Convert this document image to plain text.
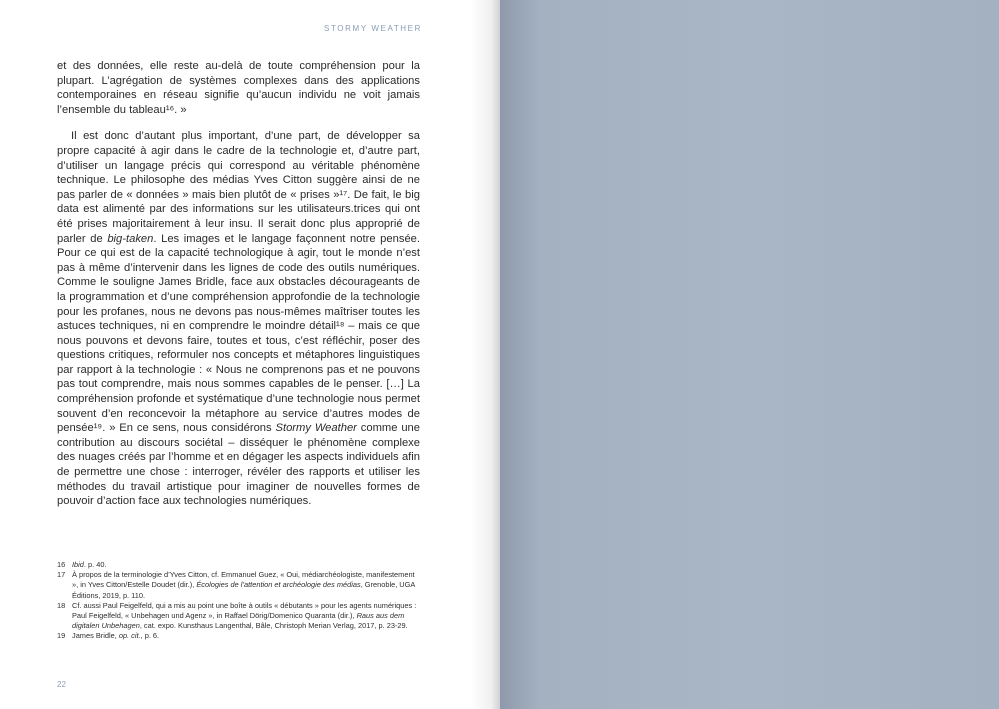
STORMY WEATHER

et des données, elle reste au-delà de toute compréhension pour la plupart. L’agrégation de systèmes complexes dans des applications contemporaines en réseau signifie qu’aucun individu ne voit jamais l’ensemble du tableau¹⁶. »

Il est donc d’autant plus important, d’une part, de développer sa propre capacité à agir dans le cadre de la technologie et, d’autre part, d’utiliser un langage précis qui correspond au véritable phénomène technique. Le philosophe des médias Yves Citton suggère ainsi de ne pas parler de « données » mais bien plutôt de « prises »¹⁷. De fait, le big data est alimenté par des informations sur les utilisateurs.trices qui ont été prises majoritairement à leur insu. Il serait donc plus approprié de parler de big-taken. Les images et le langage façonnent notre pensée. Pour ce qui est de la capacité technologique à agir, tout le monde n’est pas à même d’intervenir dans les lignes de code des outils numériques. Comme le souligne James Bridle, face aux obstacles décourageants de la programmation et d’une compréhension approfondie de la technologie pour les profanes, nous ne devons pas nous-mêmes maîtriser toutes les astuces techniques, ni en comprendre le moindre détail¹⁸ – mais ce que nous pouvons et devons faire, toutes et tous, c’est réfléchir, poser des questions critiques, reformuler nos concepts et métaphores linguistiques par rapport à la technologie : « Nous ne comprenons pas et ne pouvons pas tout comprendre, mais nous sommes capables de le penser. […] La compréhension profonde et systématique d’une technologie nous permet souvent d’en reconcevoir la métaphore au service d’autres modes de pensée¹⁹. » En ce sens, nous considérons Stormy Weather comme une contribution au discours sociétal – disséquer le phénomène complexe des nuages créés par l’homme et en dégager les aspects individuels afin de permettre une chose : interroger, révéler des rapports et utiliser les méthodes du travail artistique pour imaginer de nouvelles formes de pouvoir d’action face aux technologies numériques.

16 Ibid. p. 40.
17 À propos de la terminologie d’Yves Citton, cf. Emmanuel Guez, « Oui, médiarchéologiste, manifestement », in Yves Citton/Estelle Doudet (dir.), Écologies de l’attention et archéologie des médias, Grenoble, UGA Éditions, 2019, p. 110.
18 Cf. aussi Paul Feigelfeld, qui a mis au point une boîte à outils « débutants » pour les agents numériques : Paul Feigelfeld, « Unbehagen und Agenz », in Raffael Dörig/Domenico Quaranta (dir.), Raus aus dem digitalen Unbehagen, cat. expo. Kunsthaus Langenthal, Bâle, Christoph Merian Verlag, 2017, p. 23-29.
19 James Bridle, op. cit., p. 6.
22
